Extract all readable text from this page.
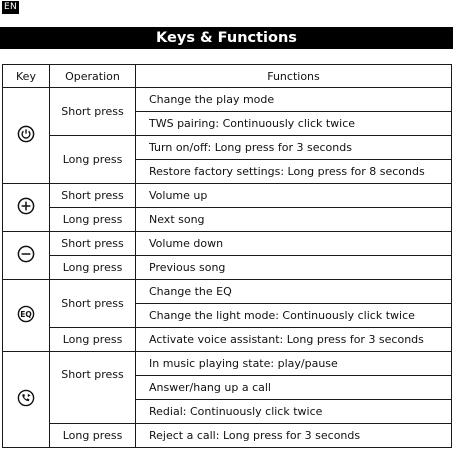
EN
Keys & Functions
Key	Operation	Functions
	Short press	Change the play mode
		TWS pairing: Continuously click twice
	Long press	Turn on/off: Long press for 3 seconds
		Restore factory settings: Long press for 8 seconds
	Short press	Volume up
	Long press	Next song
	Short press	Volume down
	Long press	Previous song

EQ	Short press	Change the EQ
		Change the light mode: Continuously click twice
	Long press	Activate voice assistant: Long press for 3 seconds
	Short press	In music playing state: play/pause
		Answer/hang up a call
		Redial: Continuously click twice
	Long press	Reject a call: Long press for 3 seconds
